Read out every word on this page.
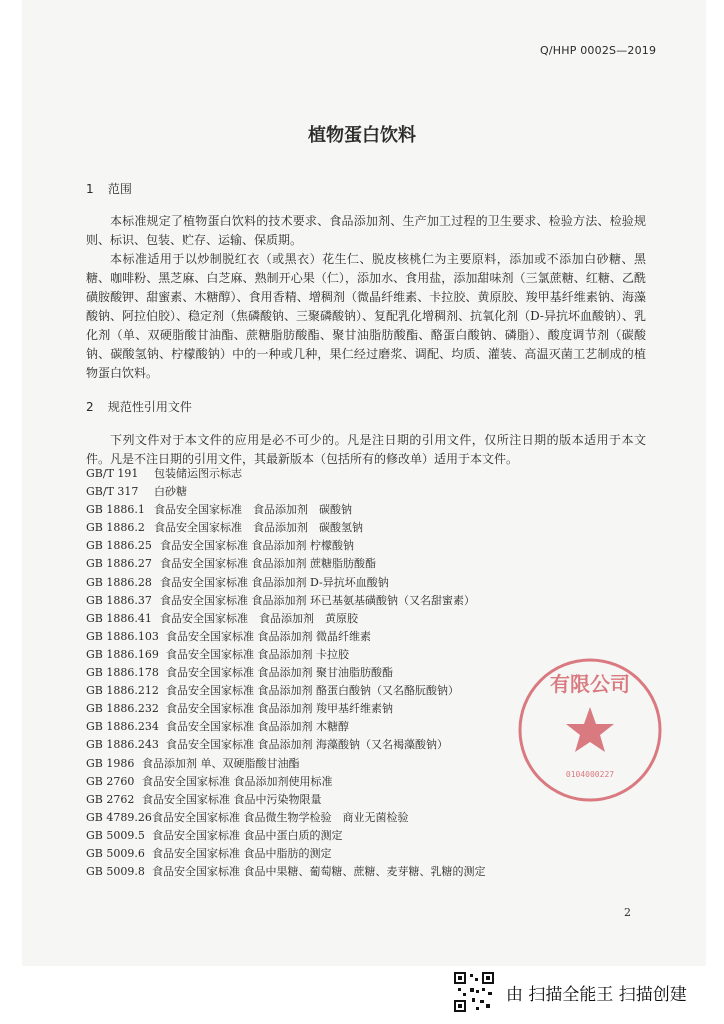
Q/HHP 0002S—2019
植物蛋白饮料
1 范围

本标准规定了植物蛋白饮料的技术要求、食品添加剂、生产加工过程的卫生要求、检验方法、检验规则、标识、包装、贮存、运输、保质期。

本标准适用于以炒制脱红衣（或黑衣）花生仁、脱皮核桃仁为主要原料，添加或不添加白砂糖、黑糖、咖啡粉、黑芝麻、白芝麻、熟制开心果（仁），添加水、食用盐，添加甜味剂（三氯蔗糖、红糖、乙酰磺胺酸钾、甜蜜素、木糖醇）、食用香精、增稠剂（微晶纤维素、卡拉胶、黄原胶、羧甲基纤维素钠、海藻酸钠、阿拉伯胶）、稳定剂（焦磷酸钠、三聚磷酸钠）、复配乳化增稠剂、抗氧化剂（D-异抗坏血酸钠）、乳化剂（单、双硬脂酸甘油酯、蔗糖脂肪酸酯、聚甘油脂肪酸酯、酪蛋白酸钠、磷脂）、酸度调节剂（碳酸钠、碳酸氢钠、柠檬酸钠）中的一种或几种，果仁经过磨浆、调配、均质、灌装、高温灭菌工艺制成的植物蛋白饮料。

2 规范性引用文件

下列文件对于本文件的应用是必不可少的。凡是注日期的引用文件，仅所注日期的版本适用于本文件。凡是不注日期的引用文件，其最新版本（包括所有的修改单）适用于本文件。

GB/T 191 包装储运图示标志
GB/T 317 白砂糖
GB 1886.1 食品安全国家标准　食品添加剂　碳酸钠
GB 1886.2 食品安全国家标准　食品添加剂　碳酸氢钠
GB 1886.25 食品安全国家标准 食品添加剂 柠檬酸钠
GB 1886.27 食品安全国家标准 食品添加剂 蔗糖脂肪酸酯
GB 1886.28 食品安全国家标准 食品添加剂 D-异抗坏血酸钠
GB 1886.37 食品安全国家标准 食品添加剂 环已基氨基磺酸钠（又名甜蜜素）
GB 1886.41 食品安全国家标准　食品添加剂　黄原胶
GB 1886.103 食品安全国家标准 食品添加剂 微晶纤维素
GB 1886.169 食品安全国家标准 食品添加剂 卡拉胶
GB 1886.178 食品安全国家标准 食品添加剂 聚甘油脂肪酸酯
GB 1886.212 食品安全国家标准 食品添加剂 酪蛋白酸钠（又名酪朊酸钠）
GB 1886.232 食品安全国家标准 食品添加剂 羧甲基纤维素钠
GB 1886.234 食品安全国家标准 食品添加剂 木糖醇
GB 1886.243 食品安全国家标准 食品添加剂 海藻酸钠（又名褐藻酸钠）
GB 1986 食品添加剂 单、双硬脂酸甘油酯
GB 2760 食品安全国家标准 食品添加剂使用标准
GB 2762 食品安全国家标准 食品中污染物限量
GB 4789.26食品安全国家标准 食品微生物学检验　商业无菌检验
GB 5009.5 食品安全国家标准 食品中蛋白质的测定
GB 5009.6 食品安全国家标准 食品中脂肪的测定
GB 5009.8 食品安全国家标准 食品中果糖、葡萄糖、蔗糖、麦芽糖、乳糖的测定
有限公司
0104000227
2
由 扫描全能王 扫描创建
